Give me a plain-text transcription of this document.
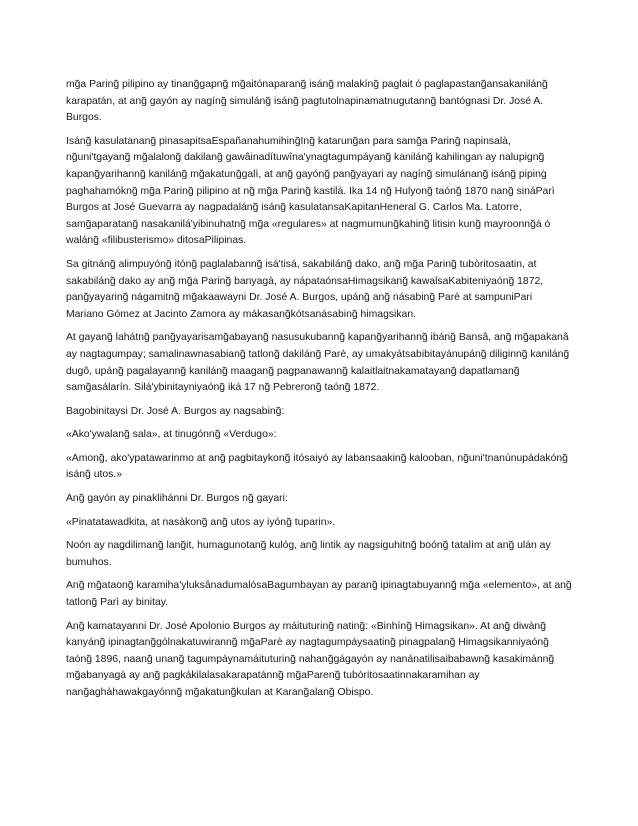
mg̃a Paring̃ pilipino ay tinang̃gapng̃ mg̃aitónaparang̃ isáng̃ malakíng̃ paglait ó paglapastang̃ansakaniláng̃ karapatán, at ang̃ gayón ay nagíng̃ simuláng̃ isáng̃ pagtutolnapinamatnugutanng̃ bantógnasi Dr. José A. Burgos.

Isáng̃ kasulatanang̃ pinasapitsaEspañanahumihing̃Ing̃ katarung̃an para samg̃a Paring̃ napinsalà, ng̃uni'tgayang̃ mg̃alalong̃ dakilang̃ gawâinadítuwîna'ynagtagumpáyang̃ kaniláng̃ kahilingan ay nalupigng̃ kapang̃yarihanng̃ kaniláng̃ mg̃akatung̃galì, at ang̃ gayóng̃ pang̃yayari ay nagíng̃ simulánang̃ isáng̃ pipinġ paghahamókng̃ mg̃a Paring̃ pilipino at ng̃ mg̃a Paring̃ kastilà. Ika 14 ng̃ Hulyong̃ taóng̃ 1870 nang̃ sináParì Burgos at José Guevarra ay nagpadaláng̃ isáng̃ kasulatansaKapitanHeneral G. Carlos Ma. Latorre, samg̃aparatang̃ nasakanilá'yibinuhatng̃ mg̃a «regulares» at nagmumung̃kahing̃ litisin kung̃ mayroonng̃à ó waláng̃ «filibusterismo» ditosaPilipinas.

Sa gitnáng̃ alimpuyóng̃ itóng̃ paglalabanng̃ isá'tisá, sakabiláng̃ dako, ang̃ mg̃a Paring̃ tubòritosaatin, at sakabiláng̃ dako ay ang̃ mg̃a Paring̃ banyagà, ay nápataónsaHimagsikang̃ kawalsaKabiteniyaóng̃ 1872, pang̃yayaring̃ nágamitng̃ mg̃akaawayni Dr. José A. Burgos, upáng̃ ang̃ násabing̃ Parè at sampuniPari Mariano Gómez at Jacinto Zamora ay mákasang̃kótsanásabing̃ himagsikan.

At gayang̃ lahátng̃ pang̃yayarisamg̃abayang̃ nasusukubanng̃ kapang̃yarihanng̃ ibáng̃ Bansâ, ang̃ mg̃apakanâ ay nagtagumpay; samalinawnasabiang̃ tatlong̃ dakiláng̃ Parè, ay umakyátsabibitayánupáng̃ diliginng̃ kaniláng̃ dugô, upáng̃ pagalayanng̃ kaniláng̃ maagang̃ pagpanawanng̃ kalaitlaitnakamatayang̃ dapatlamang̃ samg̃asálarín. Silá'ybinitayniyaóng̃ iká 17 ng̃ Pebrerong̃ taóng̃ 1872.

Bagobinitaysi Dr. José A. Burgos ay nagsabing̃:

«Ako'ywalang̃ sala», at tinugónng̃ «Verdugo»:

«Among̃, ako'ypatawarinmo at ang̃ pagbitaykong̃ itósaiyó ay labansaaking̃ kalooban, ng̃uni'tnanúnupádakóng̃ isáng̃ utos.»

Ang̃ gayón ay pinaklihánni Dr. Burgos ng̃ gayari:

«Pinatatawadkita, at nasàkong̃ ang̃ utos ay iyóng̃ tuparin».

Noón ay nagdilimang̃ lang̃it, humagunotang̃ kulóg, ang̃ lintik ay nagsiguhitng̃ boóng̃ tatalím at ang̃ ulán ay bumuhos.

Ang̃ mg̃ataong̃ karamiha'yluksânadumalósaBagumbayan ay parang̃ ipinagtabuyanng̃ mg̃a «elemento», at ang̃ tatlong̃ Parì ay binitay.

Ang̃ kamatayanni Dr. José Apolonio Burgos ay máituturing̃ nating̃: «Binhíng̃ Himagsikan». At ang̃ diwàng̃ kanyáng̃ ipinagtang̃gólnakatuwiranng̃ mg̃aParè ay nagtagumpáysaating̃ pinagpalang̃ Himagsikanniyaóng̃ taóng̃ 1896, naang̃ unang̃ tagumpáynamáituturing̃ nahang̃gágayón ay nanánatilisaibabawng̃ kasakimánng̃ mg̃abanyagà ay ang̃ pagkákilalasakarapatánng̃ mg̃aPareng̃ tubòritosaatinnakaramihan ay nang̃aghàhawakgayónng̃ mg̃akatung̃kulan at Karang̃alang̃ Obispo.
